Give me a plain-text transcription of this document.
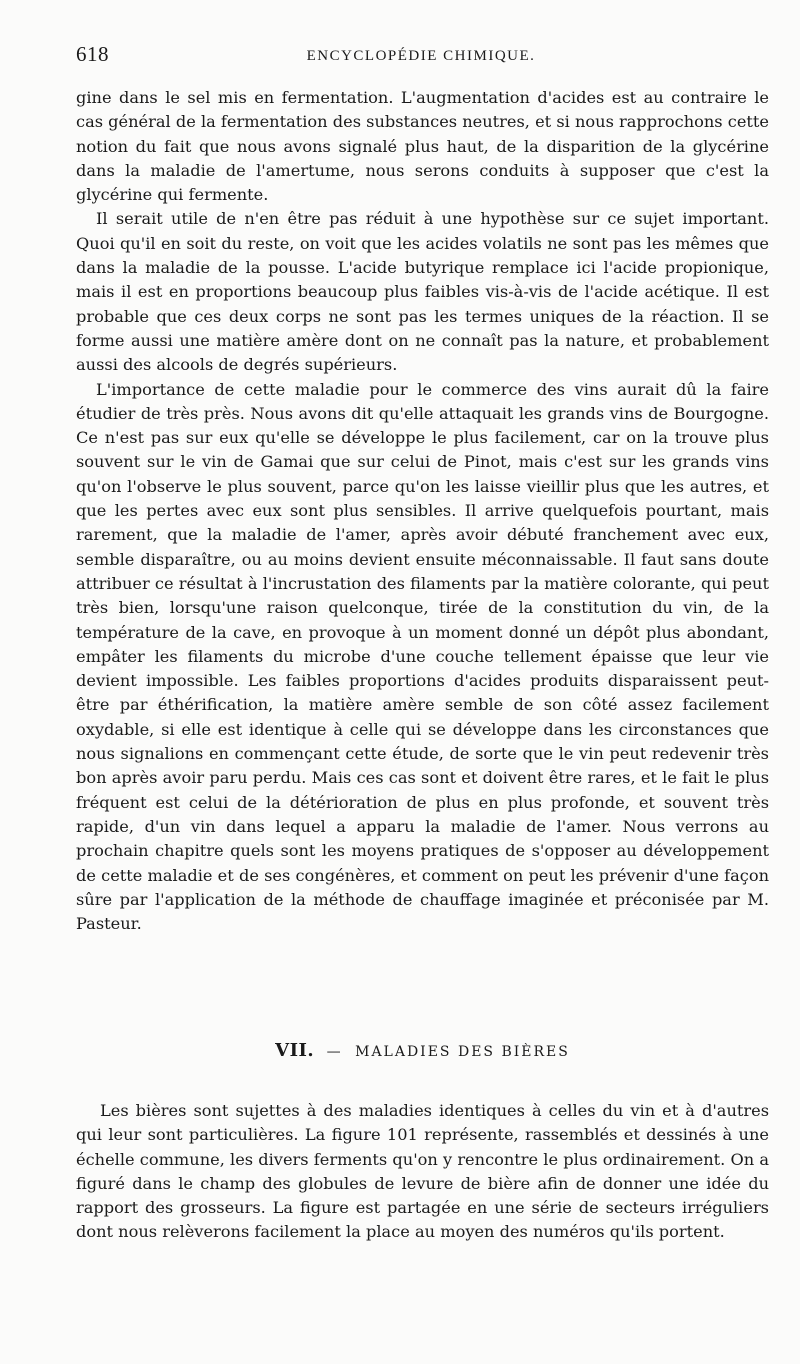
618	ENCYCLOPÉDIE CHIMIQUE.

gine dans le sel mis en fermentation. L'augmentation d'acides est au contraire le cas général de la fermentation des substances neutres, et si nous rapprochons cette notion du fait que nous avons signalé plus haut, de la disparition de la glycérine dans la maladie de l'amertume, nous serons conduits à supposer que c'est la glycérine qui fermente.

Il serait utile de n'en être pas réduit à une hypothèse sur ce sujet important. Quoi qu'il en soit du reste, on voit que les acides volatils ne sont pas les mêmes que dans la maladie de la pousse. L'acide butyrique remplace ici l'acide propionique, mais il est en proportions beaucoup plus faibles vis-à-vis de l'acide acétique. Il est probable que ces deux corps ne sont pas les termes uniques de la réaction. Il se forme aussi une matière amère dont on ne connaît pas la nature, et probablement aussi des alcools de degrés supérieurs.

L'importance de cette maladie pour le commerce des vins aurait dû la faire étudier de très près. Nous avons dit qu'elle attaquait les grands vins de Bourgogne. Ce n'est pas sur eux qu'elle se développe le plus facilement, car on la trouve plus souvent sur le vin de Gamai que sur celui de Pinot, mais c'est sur les grands vins qu'on l'observe le plus souvent, parce qu'on les laisse vieillir plus que les autres, et que les pertes avec eux sont plus sensibles. Il arrive quelquefois pourtant, mais rarement, que la maladie de l'amer, après avoir débuté franchement avec eux, semble disparaître, ou au moins devient ensuite méconnaissable. Il faut sans doute attribuer ce résultat à l'incrustation des filaments par la matière colorante, qui peut très bien, lorsqu'une raison quelconque, tirée de la constitution du vin, de la température de la cave, en provoque à un moment donné un dépôt plus abondant, empâter les filaments du microbe d'une couche tellement épaisse que leur vie devient impossible. Les faibles proportions d'acides produits disparaissent peut-être par éthérification, la matière amère semble de son côté assez facilement oxydable, si elle est identique à celle qui se développe dans les circonstances que nous signalions en commençant cette étude, de sorte que le vin peut redevenir très bon après avoir paru perdu. Mais ces cas sont et doivent être rares, et le fait le plus fréquent est celui de la détérioration de plus en plus profonde, et souvent très rapide, d'un vin dans lequel a apparu la maladie de l'amer. Nous verrons au prochain chapitre quels sont les moyens pratiques de s'opposer au développement de cette maladie et de ses congénères, et comment on peut les prévenir d'une façon sûre par l'application de la méthode de chauffage imaginée et préconisée par M. Pasteur.

VII. — MALADIES DES BIÈRES

Les bières sont sujettes à des maladies identiques à celles du vin et à d'autres qui leur sont particulières. La figure 101 représente, rassemblés et dessinés à une échelle commune, les divers ferments qu'on y rencontre le plus ordinairement. On a figuré dans le champ des globules de levure de bière afin de donner une idée du rapport des grosseurs. La figure est partagée en une série de secteurs irréguliers dont nous relèverons facilement la place au moyen des numéros qu'ils portent.
